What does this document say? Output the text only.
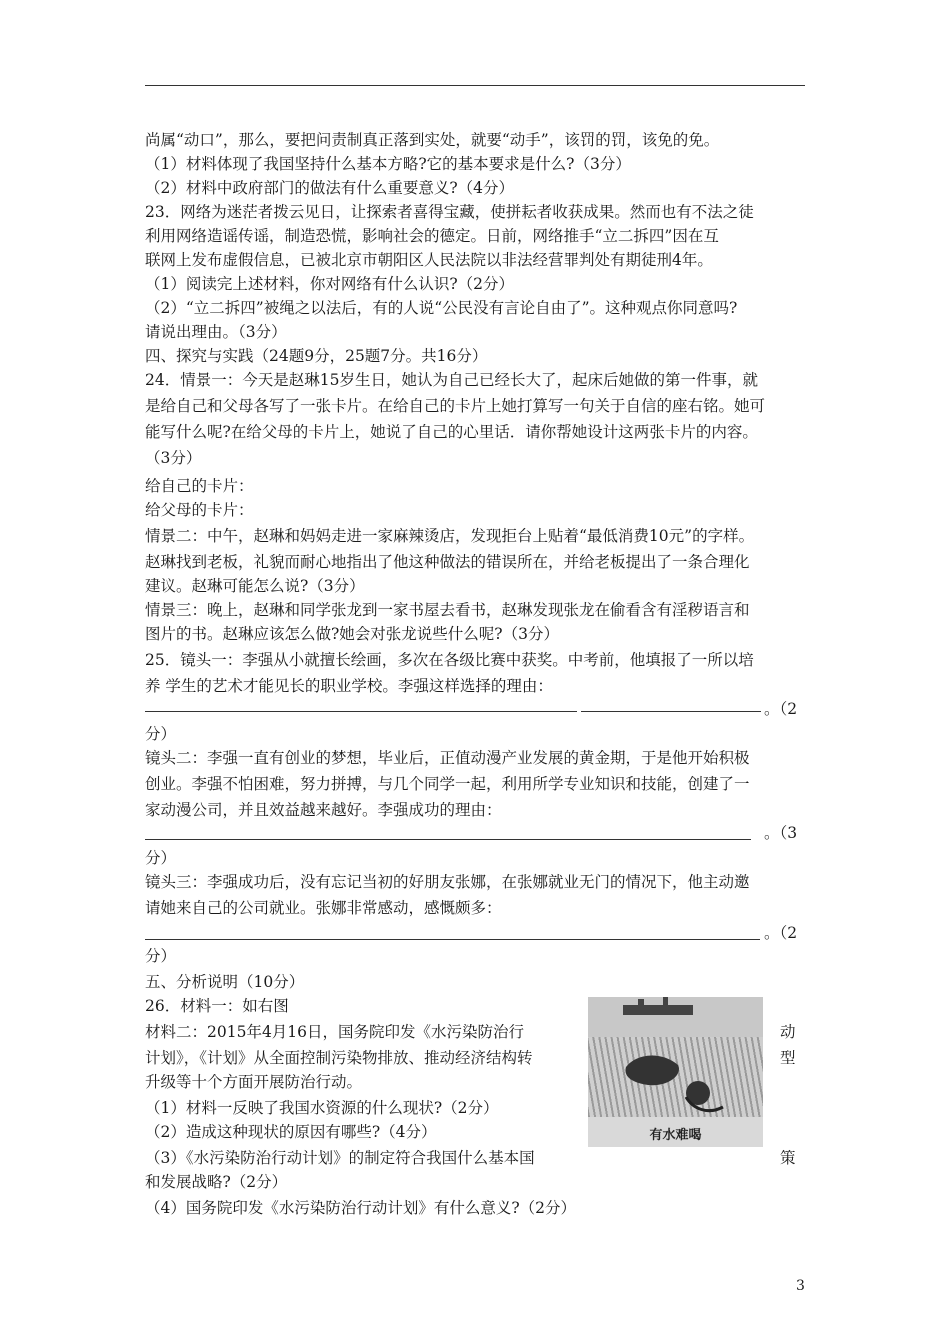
尚属“动口”，那么，要把问责制真正落到实处，就要“动手”，该罚的罚，该免的免。
（1）材料体现了我国坚持什么基本方略?它的基本要求是什么?（3分）
（2）材料中政府部门的做法有什么重要意义?（4分）
23．网络为迷茫者拨云见日，让探索者喜得宝藏，使拼耘者收获成果。然而也有不法之徒
利用网络造谣传谣，制造恐慌，影响社会的德定。日前，网络推手“立二拆四”因在互
联网上发布虚假信息，已被北京市朝阳区人民法院以非法经营罪判处有期徒刑4年。
（1）阅读完上述材料，你对网络有什么认识?（2分）
（2）“立二拆四”被绳之以法后，有的人说“公民没有言论自由了”。这种观点你同意吗?
请说出理由。（3分）
四、探究与实践（24题9分，25题7分。共16分）
24．情景一：今天是赵琳15岁生日，她认为自己已经长大了，起床后她做的第一件事，就
是给自己和父母各写了一张卡片。在给自己的卡片上她打算写一句关于自信的座右铭。她可
能写什么呢?在给父母的卡片上，她说了自己的心里话．请你帮她设计这两张卡片的内容。
（3分）
给自己的卡片：
给父母的卡片：
情景二：中午，赵琳和妈妈走进一家麻辣烫店，发现拒台上贴着“最低消费10元”的字样。
赵琳找到老板，礼貌而耐心地指出了他这种做法的错误所在，并给老板提出了一条合理化
建议。赵琳可能怎么说?（3分）
情景三：晚上，赵琳和同学张龙到一家书屋去看书，赵琳发现张龙在偷看含有淫秽语言和
图片的书。赵琳应该怎么做?她会对张龙说些什么呢?（3分）
25．镜头一：李强从小就擅长绘画，多次在各级比赛中获奖。中考前，他填报了一所以培
养 学生的艺术才能见长的职业学校。李强这样选择的理由：
分）
镜头二：李强一直有创业的梦想，毕业后，正值动漫产业发展的黄金期，于是他开始积极
创业。李强不怕困难，努力拼搏，与几个同学一起，利用所学专业知识和技能，创建了一
家动漫公司，并且效益越来越好。李强成功的理由：
分）
镜头三：李强成功后，没有忘记当初的好朋友张娜，在张娜就业无门的情况下，他主动邀
请她来自己的公司就业。张娜非常感动，感慨颇多：
分）
五、分析说明（10分）
26．材料一：如右图
材料二：2015年4月16日，国务院印发《水污染防治行
计划》，《计划》从全面控制污染物排放、推动经济结构转
升级等十个方面开展防治行动。
（1）材料一反映了我国水资源的什么现状?（2分）
（2）造成这种现状的原因有哪些?（4分）
（3）《水污染防治行动计划》的制定符合我国什么基本国
和发展战略?（2分）
（4）国务院印发《水污染防治行动计划》有什么意义?（2分）
。（2
。（3
。（2
动
型
策
有水难喝
3
